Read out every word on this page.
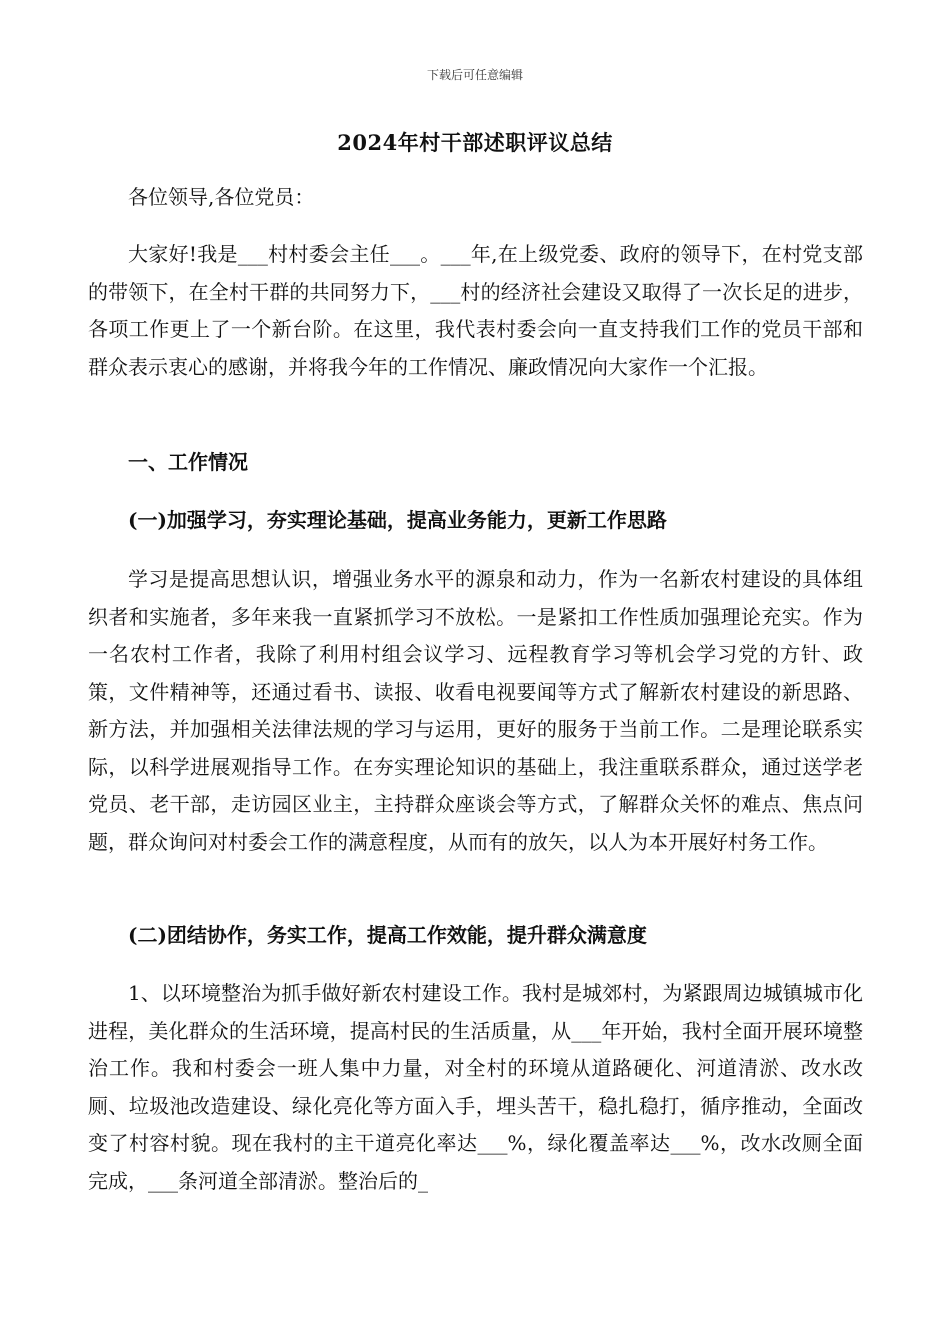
下载后可任意编辑
2024年村干部述职评议总结
各位领导,各位党员：
大家好!我是___村村委会主任___。___年,在上级党委、政府的领导下，在村党支部的带领下，在全村干群的共同努力下，___村的经济社会建设又取得了一次长足的进步，各项工作更上了一个新台阶。在这里，我代表村委会向一直支持我们工作的党员干部和群众表示衷心的感谢，并将我今年的工作情况、廉政情况向大家作一个汇报。
一、工作情况
(一)加强学习，夯实理论基础，提高业务能力，更新工作思路
学习是提高思想认识，增强业务水平的源泉和动力，作为一名新农村建设的具体组织者和实施者，多年来我一直紧抓学习不放松。一是紧扣工作性质加强理论充实。作为一名农村工作者，我除了利用村组会议学习、远程教育学习等机会学习党的方针、政策，文件精神等，还通过看书、读报、收看电视要闻等方式了解新农村建设的新思路、新方法，并加强相关法律法规的学习与运用，更好的服务于当前工作。二是理论联系实际，以科学进展观指导工作。在夯实理论知识的基础上，我注重联系群众，通过送学老党员、老干部，走访园区业主，主持群众座谈会等方式，了解群众关怀的难点、焦点问题，群众询问对村委会工作的满意程度，从而有的放矢，以人为本开展好村务工作。
(二)团结协作，务实工作，提高工作效能，提升群众满意度
1、以环境整治为抓手做好新农村建设工作。我村是城郊村，为紧跟周边城镇城市化进程，美化群众的生活环境，提高村民的生活质量，从___年开始，我村全面开展环境整治工作。我和村委会一班人集中力量，对全村的环境从道路硬化、河道清淤、改水改厕、垃圾池改造建设、绿化亮化等方面入手，埋头苦干，稳扎稳打，循序推动，全面改变了村容村貌。现在我村的主干道亮化率达___%，绿化覆盖率达___%，改水改厕全面完成，___条河道全部清淤。整治后的_
